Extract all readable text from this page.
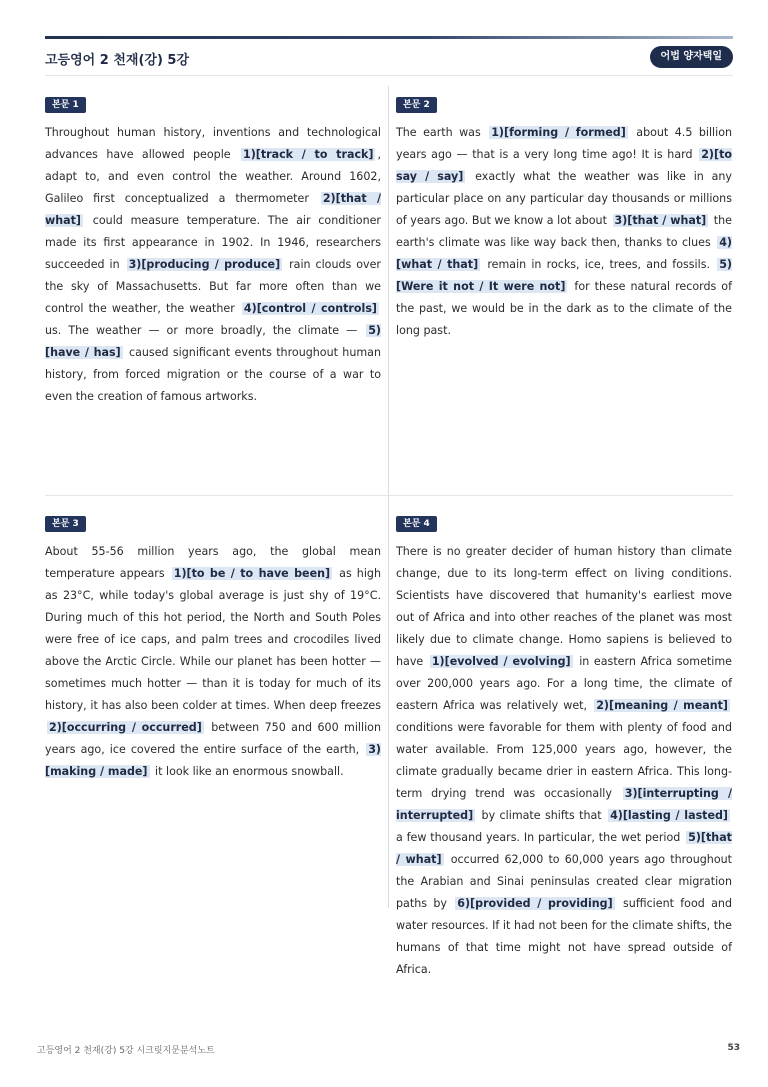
고등영어 2 천재(강) 5강	어법 양자택일
본문 1

Throughout human history, inventions and technological advances have allowed people 1)[track / to track] , adapt to, and even control the weather. Around 1602, Galileo first conceptualized a thermometer 2)[that / what] could measure temperature. The air conditioner made its first appearance in 1902. In 1946, researchers succeeded in 3)[producing / produce] rain clouds over the sky of Massachusetts. But far more often than we control the weather, the weather 4)[control / controls] us. The weather — or more broadly, the climate — 5)[have / has] caused significant events throughout human history, from forced migration or the course of a war to even the creation of famous artworks.

본문 2

The earth was 1)[forming / formed] about 4.5 billion years ago — that is a very long time ago! It is hard 2)[to say / say] exactly what the weather was like in any particular place on any particular day thousands or millions of years ago. But we know a lot about 3)[that / what] the earth's climate was like way back then, thanks to clues 4)[what / that] remain in rocks, ice, trees, and fossils. 5)[Were it not / It were not] for these natural records of the past, we would be in the dark as to the climate of the long past.

본문 3

About 55-56 million years ago, the global mean temperature appears 1)[to be / to have been] as high as 23°C, while today's global average is just shy of 19°C. During much of this hot period, the North and South Poles were free of ice caps, and palm trees and crocodiles lived above the Arctic Circle. While our planet has been hotter — sometimes much hotter — than it is today for much of its history, it has also been colder at times. When deep freezes 2)[occurring / occurred] between 750 and 600 million years ago, ice covered the entire surface of the earth, 3)[making / made] it look like an enormous snowball.

본문 4

There is no greater decider of human history than climate change, due to its long-term effect on living conditions. Scientists have discovered that humanity's earliest move out of Africa and into other reaches of the planet was most likely due to climate change. Homo sapiens is believed to have 1)[evolved / evolving] in eastern Africa sometime over 200,000 years ago. For a long time, the climate of eastern Africa was relatively wet, 2)[meaning / meant] conditions were favorable for them with plenty of food and water available. From 125,000 years ago, however, the climate gradually became drier in eastern Africa. This long-term drying trend was occasionally 3)[interrupting / interrupted] by climate shifts that 4)[lasting / lasted] a few thousand years. In particular, the wet period 5)[that / what] occurred 62,000 to 60,000 years ago throughout the Arabian and Sinai peninsulas created clear migration paths by 6)[provided / providing] sufficient food and water resources. If it had not been for the climate shifts, the humans of that time might not have spread outside of Africa.

고등영어 2 천재(강) 5강 시크릿지문분석노트	53
